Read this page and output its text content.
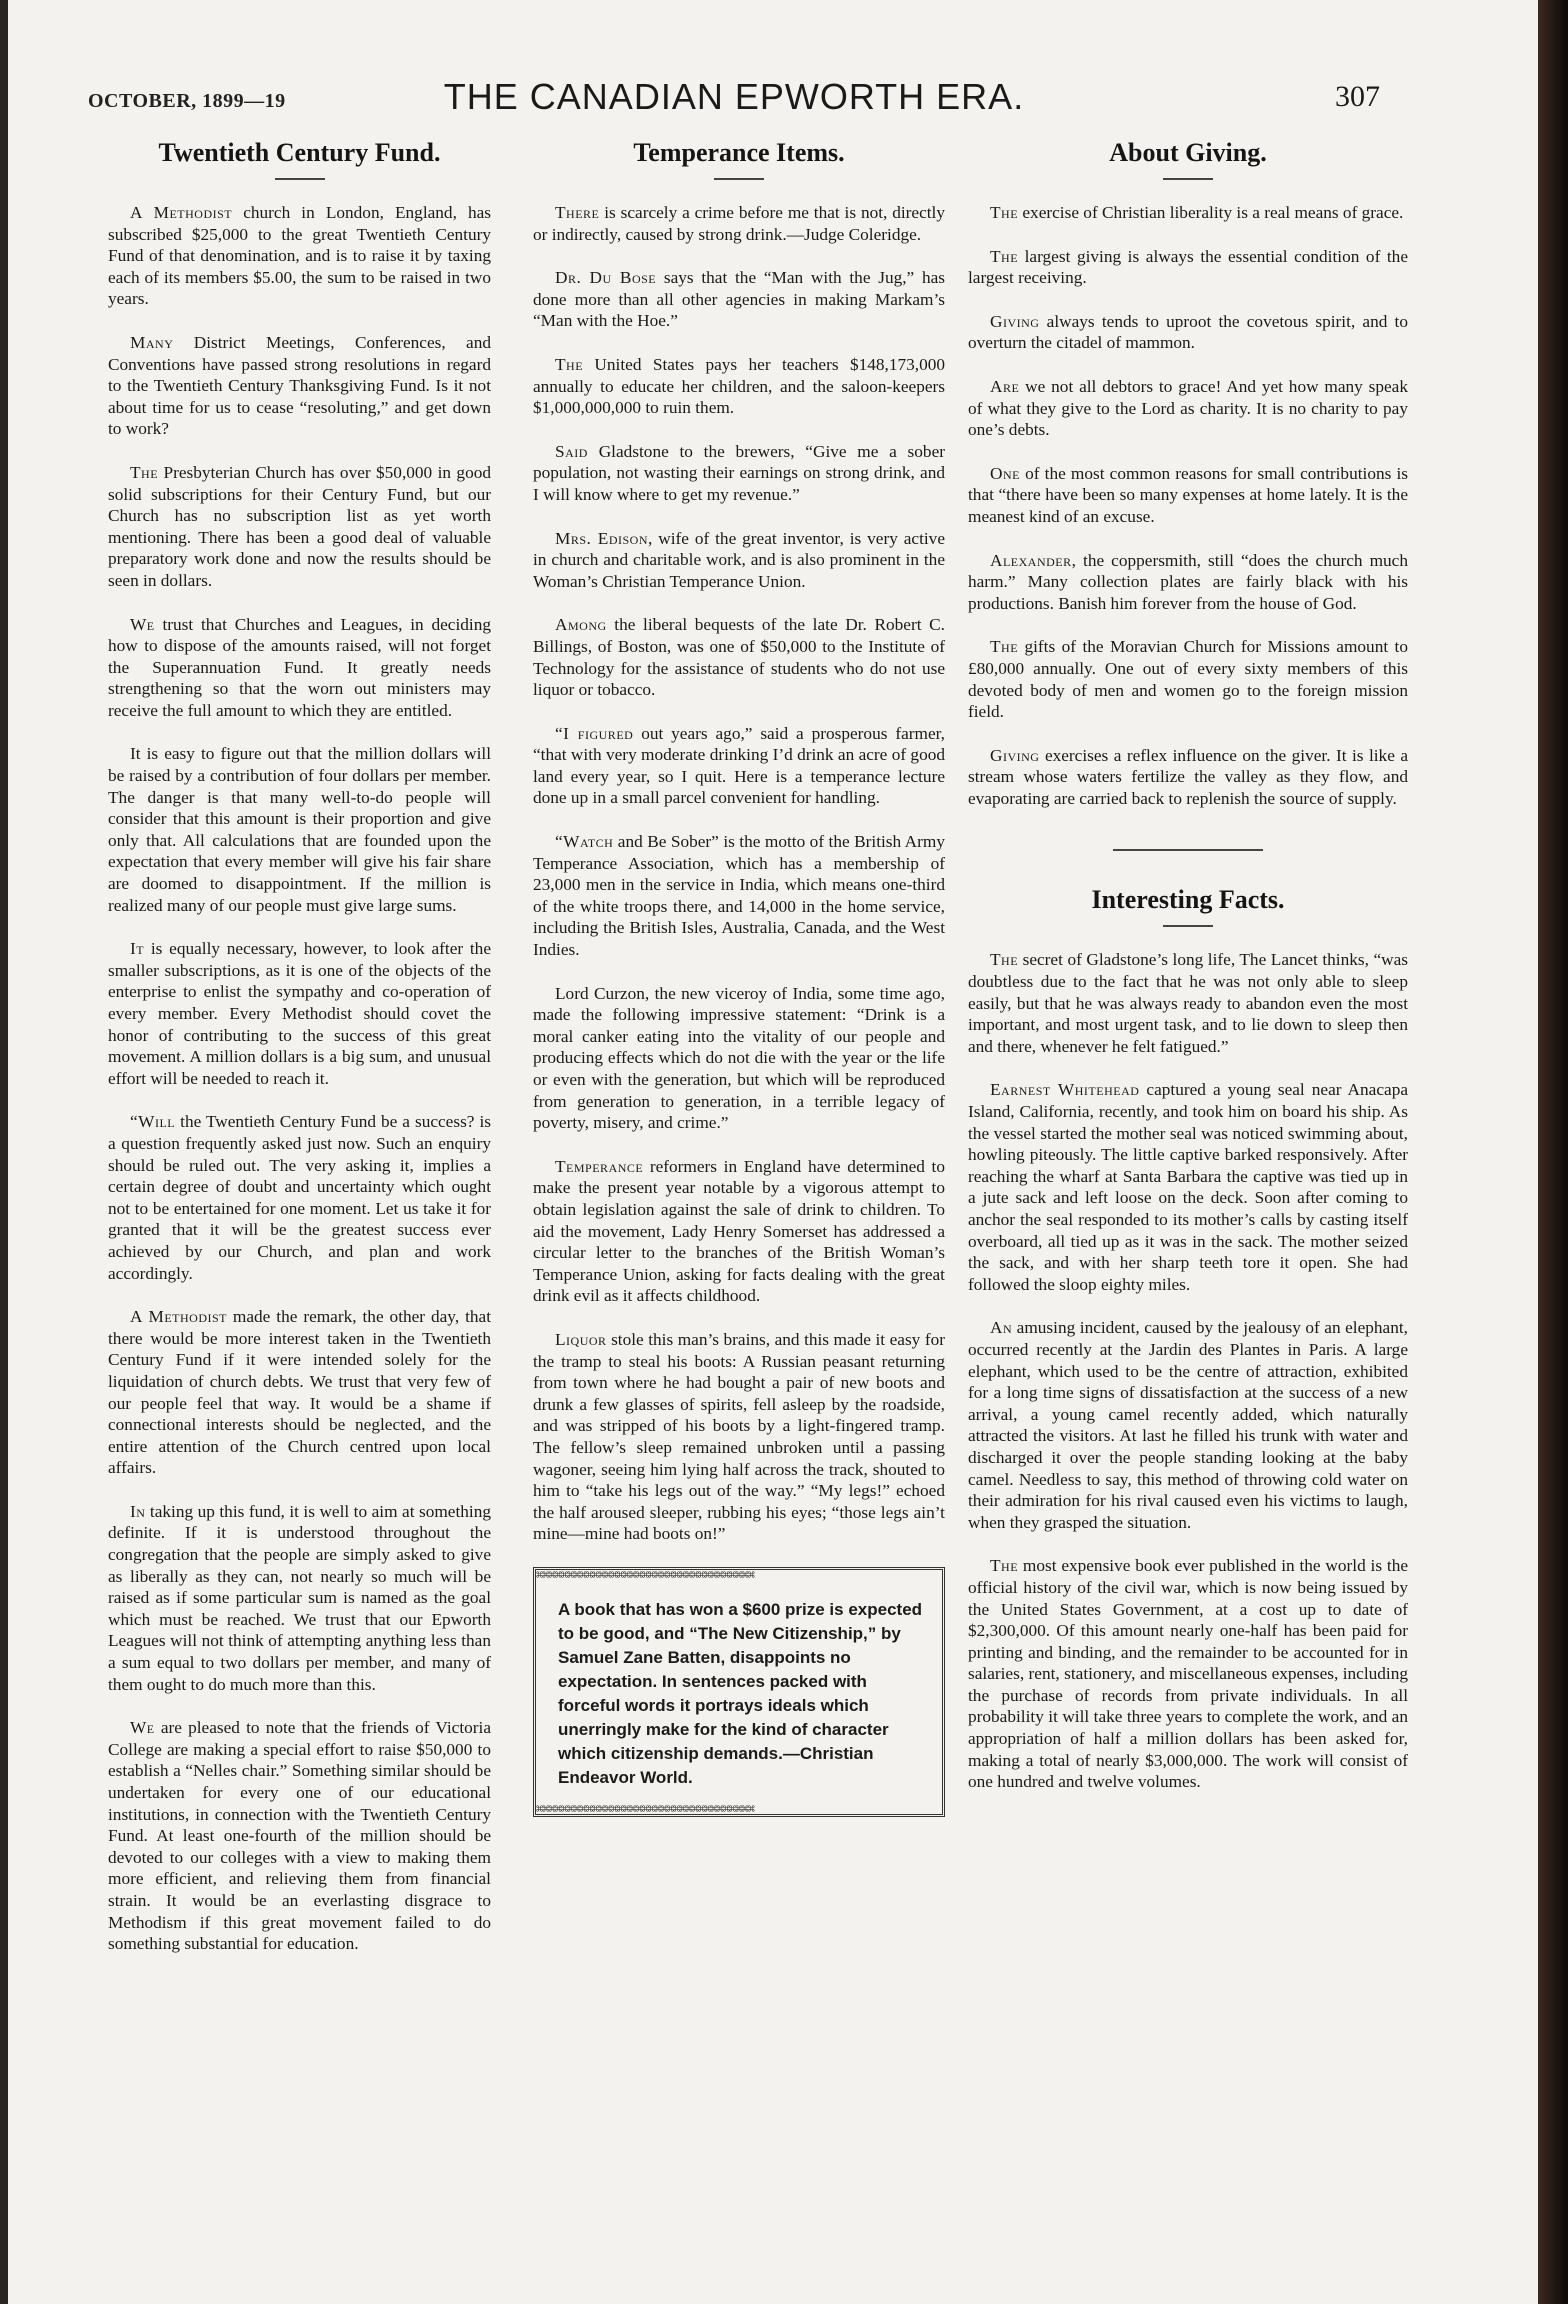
OCTOBER, 1899—19	THE CANADIAN EPWORTH ERA.	307
Twentieth Century Fund.

A Methodist church in London, England, has subscribed $25,000 to the great Twentieth Century Fund of that denomination, and is to raise it by taxing each of its members $5.00, the sum to be raised in two years.

Many District Meetings, Conferences, and Conventions have passed strong resolutions in regard to the Twentieth Century Thanksgiving Fund. Is it not about time for us to cease “resoluting,” and get down to work?

The Presbyterian Church has over $50,000 in good solid subscriptions for their Century Fund, but our Church has no subscription list as yet worth mentioning. There has been a good deal of valuable preparatory work done and now the results should be seen in dollars.

We trust that Churches and Leagues, in deciding how to dispose of the amounts raised, will not forget the Superannuation Fund. It greatly needs strengthening so that the worn out ministers may receive the full amount to which they are entitled.

It is easy to figure out that the million dollars will be raised by a contribution of four dollars per member. The danger is that many well-to-do people will consider that this amount is their proportion and give only that. All calculations that are founded upon the expectation that every member will give his fair share are doomed to disappointment. If the million is realized many of our people must give large sums.

It is equally necessary, however, to look after the smaller subscriptions, as it is one of the objects of the enterprise to enlist the sympathy and co-operation of every member. Every Methodist should covet the honor of contributing to the success of this great movement. A million dollars is a big sum, and unusual effort will be needed to reach it.

“Will the Twentieth Century Fund be a success? is a question frequently asked just now. Such an enquiry should be ruled out. The very asking it, implies a certain degree of doubt and uncertainty which ought not to be entertained for one moment. Let us take it for granted that it will be the greatest success ever achieved by our Church, and plan and work accordingly.

A Methodist made the remark, the other day, that there would be more interest taken in the Twentieth Century Fund if it were intended solely for the liquidation of church debts. We trust that very few of our people feel that way. It would be a shame if connectional interests should be neglected, and the entire attention of the Church centred upon local affairs.

In taking up this fund, it is well to aim at something definite. If it is understood throughout the congregation that the people are simply asked to give as liberally as they can, not nearly so much will be raised as if some particular sum is named as the goal which must be reached. We trust that our Epworth Leagues will not think of attempting anything less than a sum equal to two dollars per member, and many of them ought to do much more than this.

We are pleased to note that the friends of Victoria College are making a special effort to raise $50,000 to establish a “Nelles chair.” Something similar should be undertaken for every one of our educational institutions, in connection with the Twentieth Century Fund. At least one-fourth of the million should be devoted to our colleges with a view to making them more efficient, and relieving them from financial strain. It would be an everlasting disgrace to Methodism if this great movement failed to do something substantial for education.

Temperance Items.

There is scarcely a crime before me that is not, directly or indirectly, caused by strong drink.—Judge Coleridge.

Dr. Du Bose says that the “Man with the Jug,” has done more than all other agencies in making Markam’s “Man with the Hoe.”

The United States pays her teachers $148,173,000 annually to educate her children, and the saloon-keepers $1,000,000,000 to ruin them.

Said Gladstone to the brewers, “Give me a sober population, not wasting their earnings on strong drink, and I will know where to get my revenue.”

Mrs. Edison, wife of the great inventor, is very active in church and charitable work, and is also prominent in the Woman’s Christian Temperance Union.

Among the liberal bequests of the late Dr. Robert C. Billings, of Boston, was one of $50,000 to the Institute of Technology for the assistance of students who do not use liquor or tobacco.

“I figured out years ago,” said a prosperous farmer, “that with very moderate drinking I’d drink an acre of good land every year, so I quit. Here is a temperance lecture done up in a small parcel convenient for handling.

“Watch and Be Sober” is the motto of the British Army Temperance Association, which has a membership of 23,000 men in the service in India, which means one-third of the white troops there, and 14,000 in the home service, including the British Isles, Australia, Canada, and the West Indies.

Lord Curzon, the new viceroy of India, some time ago, made the following impressive statement: “Drink is a moral canker eating into the vitality of our people and producing effects which do not die with the year or the life or even with the generation, but which will be reproduced from generation to generation, in a terrible legacy of poverty, misery, and crime.”

Temperance reformers in England have determined to make the present year notable by a vigorous attempt to obtain legislation against the sale of drink to children. To aid the movement, Lady Henry Somerset has addressed a circular letter to the branches of the British Woman’s Temperance Union, asking for facts dealing with the great drink evil as it affects childhood.

Liquor stole this man’s brains, and this made it easy for the tramp to steal his boots: A Russian peasant returning from town where he had bought a pair of new boots and drunk a few glasses of spirits, fell asleep by the roadside, and was stripped of his boots by a light-fingered tramp. The fellow’s sleep remained unbroken until a passing wagoner, seeing him lying half across the track, shouted to him to “take his legs out of the way.” “My legs!” echoed the half aroused sleeper, rubbing his eyes; “those legs ain’t mine—mine had boots on!”

⌘⌘⌘⌘⌘⌘⌘⌘⌘⌘⌘⌘⌘⌘⌘⌘⌘⌘⌘⌘⌘⌘⌘⌘⌘⌘⌘⌘⌘⌘⌘⌘⌘⌘⌘

A book that has won a $600 prize is expected to be good, and “The New Citizenship,” by Samuel Zane Batten, disappoints no expectation. In sentences packed with forceful words it portrays ideals which unerringly make for the kind of character which citizenship demands.—Christian Endeavor World.

⌘⌘⌘⌘⌘⌘⌘⌘⌘⌘⌘⌘⌘⌘⌘⌘⌘⌘⌘⌘⌘⌘⌘⌘⌘⌘⌘⌘⌘⌘⌘⌘⌘⌘⌘
About Giving.

The exercise of Christian liberality is a real means of grace.

The largest giving is always the essential condition of the largest receiving.

Giving always tends to uproot the covetous spirit, and to overturn the citadel of mammon.

Are we not all debtors to grace! And yet how many speak of what they give to the Lord as charity. It is no charity to pay one’s debts.

One of the most common reasons for small contributions is that “there have been so many expenses at home lately. It is the meanest kind of an excuse.

Alexander, the coppersmith, still “does the church much harm.” Many collection plates are fairly black with his productions. Banish him forever from the house of God.

The gifts of the Moravian Church for Missions amount to £80,000 annually. One out of every sixty members of this devoted body of men and women go to the foreign mission field.

Giving exercises a reflex influence on the giver. It is like a stream whose waters fertilize the valley as they flow, and evaporating are carried back to replenish the source of supply.

Interesting Facts.

The secret of Gladstone’s long life, The Lancet thinks, “was doubtless due to the fact that he was not only able to sleep easily, but that he was always ready to abandon even the most important, and most urgent task, and to lie down to sleep then and there, whenever he felt fatigued.”

Earnest Whitehead captured a young seal near Anacapa Island, California, recently, and took him on board his ship. As the vessel started the mother seal was noticed swimming about, howling piteously. The little captive barked responsively. After reaching the wharf at Santa Barbara the captive was tied up in a jute sack and left loose on the deck. Soon after coming to anchor the seal responded to its mother’s calls by casting itself overboard, all tied up as it was in the sack. The mother seized the sack, and with her sharp teeth tore it open. She had followed the sloop eighty miles.

An amusing incident, caused by the jealousy of an elephant, occurred recently at the Jardin des Plantes in Paris. A large elephant, which used to be the centre of attraction, exhibited for a long time signs of dissatisfaction at the success of a new arrival, a young camel recently added, which naturally attracted the visitors. At last he filled his trunk with water and discharged it over the people standing looking at the baby camel. Needless to say, this method of throwing cold water on their admiration for his rival caused even his victims to laugh, when they grasped the situation.

The most expensive book ever published in the world is the official history of the civil war, which is now being issued by the United States Government, at a cost up to date of $2,300,000. Of this amount nearly one-half has been paid for printing and binding, and the remainder to be accounted for in salaries, rent, stationery, and miscellaneous expenses, including the purchase of records from private individuals. In all probability it will take three years to complete the work, and an appropriation of half a million dollars has been asked for, making a total of nearly $3,000,000. The work will consist of one hundred and twelve volumes.
